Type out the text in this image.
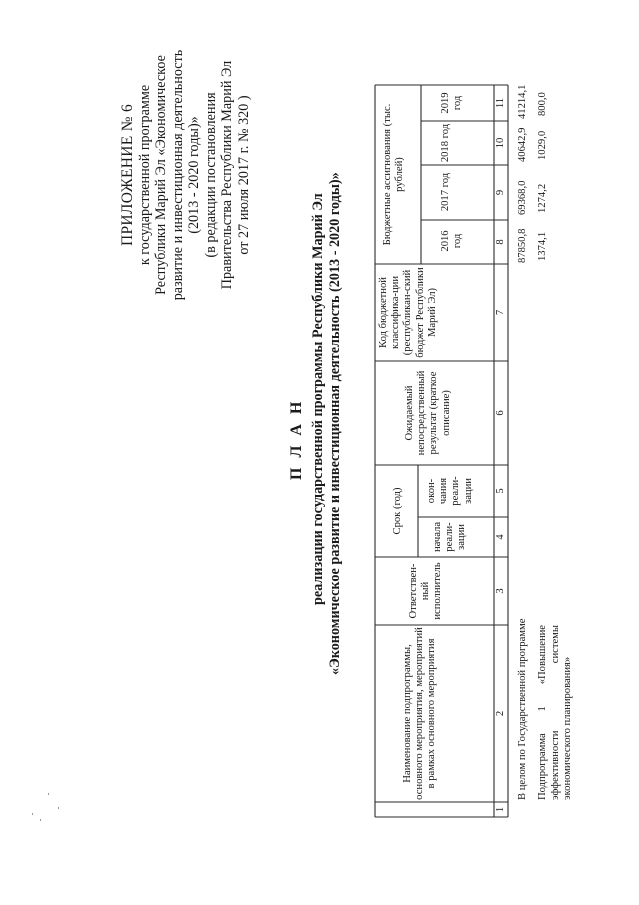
ПРИЛОЖЕНИЕ № 6 к государственной программе Республики Марий Эл «Экономическое развитие и инвестиционная деятельность (2013 - 2020 годы)» (в редакции постановления Правительства Республики Марий Эл от 27 июля 2017 г. № 320 )
П Л А Н реализации государственной программы Республики Марий Эл «Экономическое развитие и инвестиционная деятельность (2013 - 2020 годы)»
Наименование подпрограммы, основного мероприятия, мероприятий в рамках основного мероприятия
Ответствен-ный исполнитель
Срок (год)
начала реали-зации
окон-чания реали-зации
Ожидаемый непосредственный результат (краткое описание)
Код бюджетной классифика-ции (республикан-ский бюджет Республики Марий Эл)
Бюджетные ассигнования (тыс. рублей)
2016 год
2017 год
2018 год
2019 год
1
2
3
4
5
6
7
8
9
10
11
В целом по Государственной программе
87850,8
69368,0
40642,9
41214,1
Подпрограмма 1 «Повышение эффективности системы экономического планирования»
1374,1
1274,2
1029,0
800,0
